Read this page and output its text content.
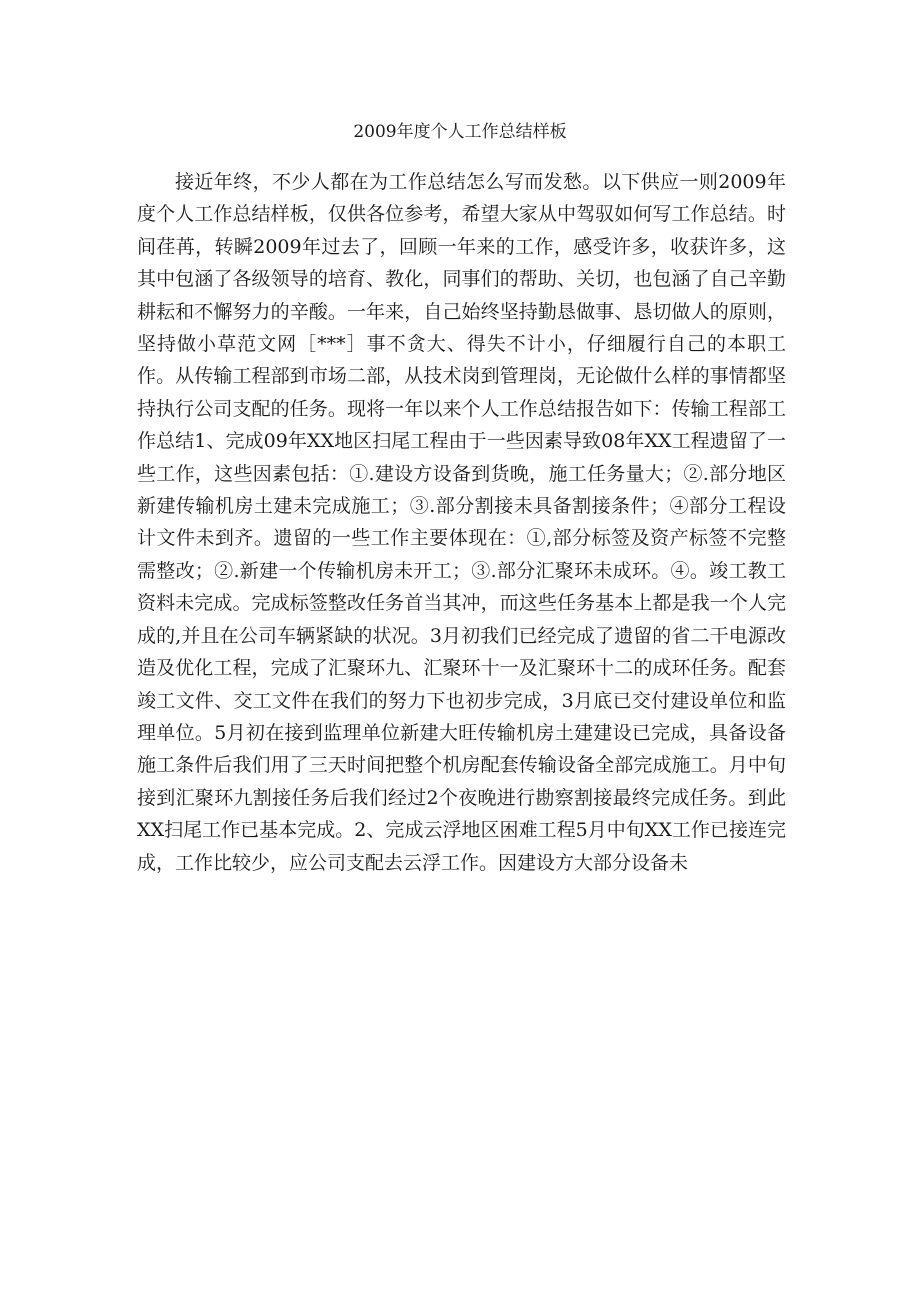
2009年度个人工作总结样板

接近年终，不少人都在为工作总结怎么写而发愁。以下供应一则2009年度个人工作总结样板，仅供各位参考，希望大家从中驾驭如何写工作总结。时间荏苒，转瞬2009年过去了，回顾一年来的工作，感受许多，收获许多，这其中包涵了各级领导的培育、教化，同事们的帮助、关切，也包涵了自己辛勤耕耘和不懈努力的辛酸。一年来，自己始终坚持勤恳做事、恳切做人的原则，坚持做小草范文网［***］事不贪大、得失不计小，仔细履行自己的本职工作。从传输工程部到市场二部，从技术岗到管理岗，无论做什么样的事情都坚持执行公司支配的任务。现将一年以来个人工作总结报告如下：传输工程部工作总结1、完成09年XX地区扫尾工程由于一些因素导致08年XX工程遗留了一些工作，这些因素包括：①.建设方设备到货晚，施工任务量大；②.部分地区新建传输机房土建未完成施工；③.部分割接未具备割接条件；④部分工程设计文件未到齐。遗留的一些工作主要体现在：①,部分标签及资产标签不完整需整改；②.新建一个传输机房未开工；③.部分汇聚环未成环。④。竣工教工资料未完成。完成标签整改任务首当其冲，而这些任务基本上都是我一个人完成的,并且在公司车辆紧缺的状况。3月初我们已经完成了遗留的省二干电源改造及优化工程，完成了汇聚环九、汇聚环十一及汇聚环十二的成环任务。配套竣工文件、交工文件在我们的努力下也初步完成，3月底已交付建设单位和监理单位。5月初在接到监理单位新建大旺传输机房土建建设已完成，具备设备施工条件后我们用了三天时间把整个机房配套传输设备全部完成施工。月中旬接到汇聚环九割接任务后我们经过2个夜晚进行勘察割接最终完成任务。到此XX扫尾工作已基本完成。2、完成云浮地区困难工程5月中旬XX工作已接连完成，工作比较少，应公司支配去云浮工作。因建设方大部分设备未
